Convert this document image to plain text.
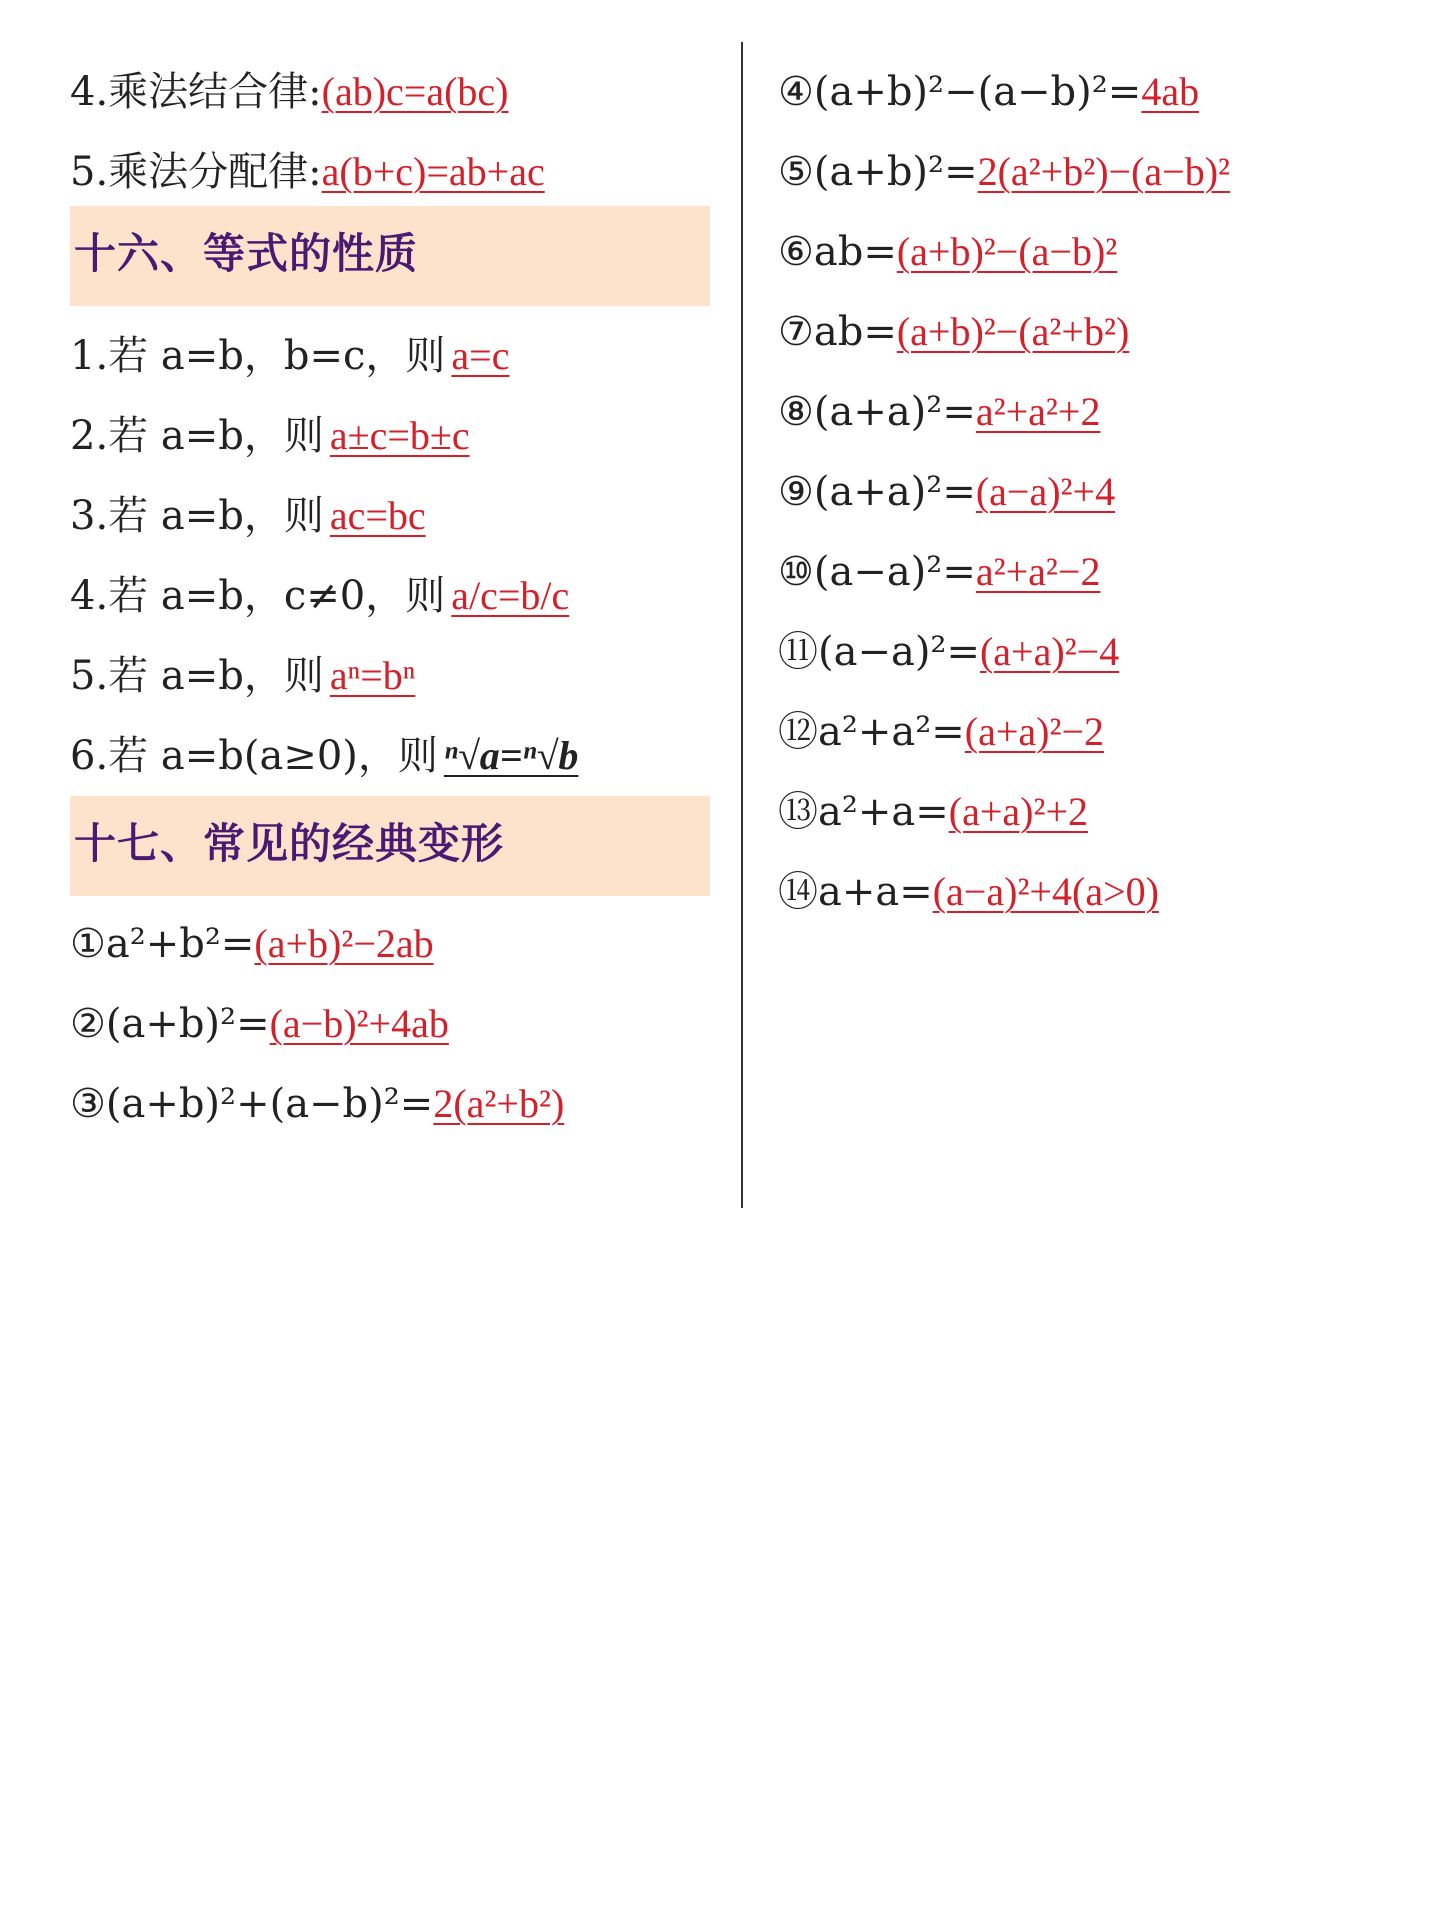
4.乘法结合律:(ab)c=a(bc)
5.乘法分配律:a(b+c)=ab+ac
十六、等式的性质
1.若 a=b，b=c，则 a=c
2.若 a=b，则 a±c=b±c
3.若 a=b，则 ac=bc
4.若 a=b，c≠0，则 a/c=b/c
5.若 a=b，则 aⁿ=bⁿ
6.若 a=b(a≥0)，则 ⁿ√a=ⁿ√b
十七、常见的经典变形
①a²+b²=(a+b)²−2ab
②(a+b)²=(a−b)²+4ab
③(a+b)²+(a−b)²=2(a²+b²)
④(a+b)²−(a−b)²=4ab
⑤(a+b)²=2(a²+b²)−(a−b)²
⑥ab=(a+b)²−(a−b)²
⑦ab=(a+b)²−(a²+b²)
⑧(a+a)²=a²+a²+2
⑨(a+a)²=(a−a)²+4
⑩(a−a)²=a²+a²−2
⑪(a−a)²=(a+a)²−4
⑫a²+a²=(a+a)²−2
⑬a²+a=(a+a)²+2
⑭a+a=(a−a)²+4(a>0)
